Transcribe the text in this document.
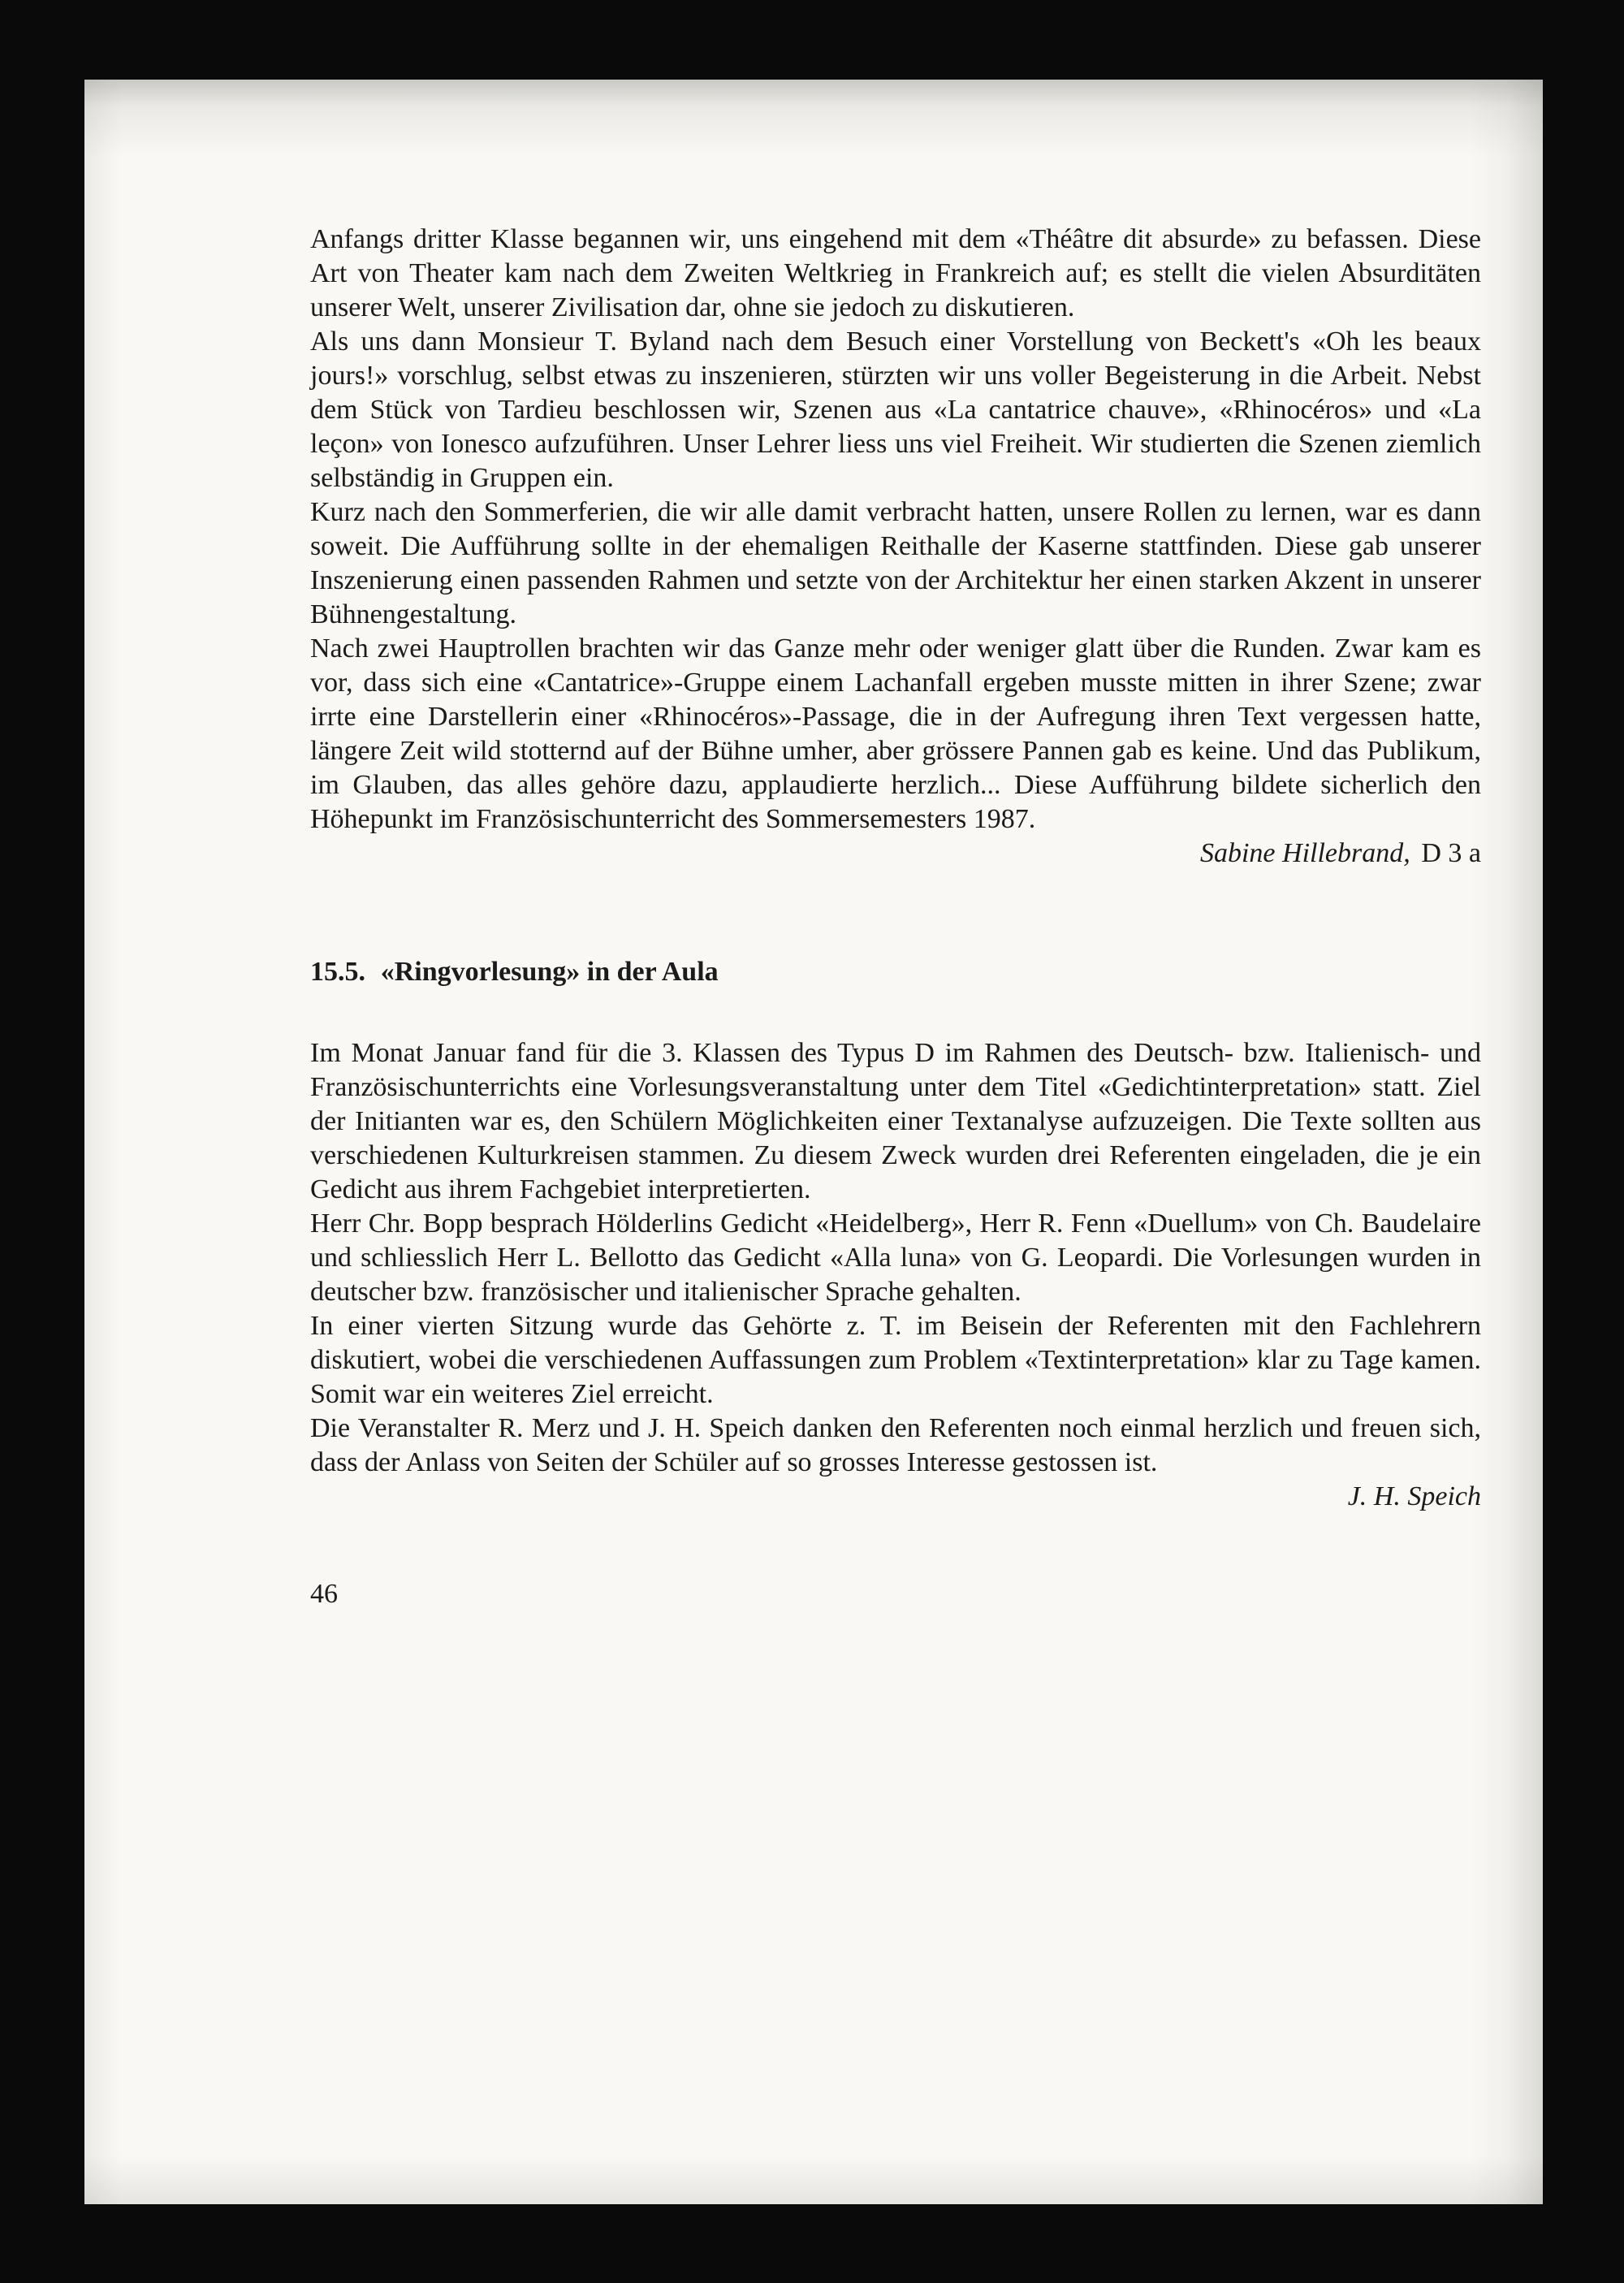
Anfangs dritter Klasse begannen wir, uns eingehend mit dem «Théâtre dit absurde» zu befassen. Diese Art von Theater kam nach dem Zweiten Weltkrieg in Frankreich auf; es stellt die vielen Absurditäten unserer Welt, unserer Zivilisation dar, ohne sie jedoch zu diskutieren.

Als uns dann Monsieur T. Byland nach dem Besuch einer Vorstellung von Beckett's «Oh les beaux jours!» vorschlug, selbst etwas zu inszenieren, stürzten wir uns voller Begeisterung in die Arbeit. Nebst dem Stück von Tardieu beschlossen wir, Szenen aus «La cantatrice chauve», «Rhinocéros» und «La leçon» von Ionesco aufzuführen. Unser Lehrer liess uns viel Freiheit. Wir studierten die Szenen ziemlich selbständig in Gruppen ein.

Kurz nach den Sommerferien, die wir alle damit verbracht hatten, unsere Rollen zu lernen, war es dann soweit. Die Aufführung sollte in der ehemaligen Reithalle der Kaserne stattfinden. Diese gab unserer Inszenierung einen passenden Rahmen und setzte von der Architektur her einen starken Akzent in unserer Bühnengestaltung.

Nach zwei Hauptrollen brachten wir das Ganze mehr oder weniger glatt über die Runden. Zwar kam es vor, dass sich eine «Cantatrice»-Gruppe einem Lachanfall ergeben musste mitten in ihrer Szene; zwar irrte eine Darstellerin einer «Rhinocéros»-Passage, die in der Aufregung ihren Text vergessen hatte, längere Zeit wild stotternd auf der Bühne umher, aber grössere Pannen gab es keine. Und das Publikum, im Glauben, das alles gehöre dazu, applaudierte herzlich... Diese Aufführung bildete sicherlich den Höhepunkt im Französischunterricht des Sommersemesters 1987.

Sabine Hillebrand, D 3 a

15.5. «Ringvorlesung» in der Aula

Im Monat Januar fand für die 3. Klassen des Typus D im Rahmen des Deutsch- bzw. Italienisch- und Französischunterrichts eine Vorlesungsveranstaltung unter dem Titel «Gedichtinterpretation» statt. Ziel der Initianten war es, den Schülern Möglichkeiten einer Textanalyse aufzuzeigen. Die Texte sollten aus verschiedenen Kulturkreisen stammen. Zu diesem Zweck wurden drei Referenten eingeladen, die je ein Gedicht aus ihrem Fachgebiet interpretierten.

Herr Chr. Bopp besprach Hölderlins Gedicht «Heidelberg», Herr R. Fenn «Duellum» von Ch. Baudelaire und schliesslich Herr L. Bellotto das Gedicht «Alla luna» von G. Leopardi. Die Vorlesungen wurden in deutscher bzw. französischer und italienischer Sprache gehalten.

In einer vierten Sitzung wurde das Gehörte z. T. im Beisein der Referenten mit den Fachlehrern diskutiert, wobei die verschiedenen Auffassungen zum Problem «Textinterpretation» klar zu Tage kamen. Somit war ein weiteres Ziel erreicht.

Die Veranstalter R. Merz und J. H. Speich danken den Referenten noch einmal herzlich und freuen sich, dass der Anlass von Seiten der Schüler auf so grosses Interesse gestossen ist.

J. H. Speich

46
